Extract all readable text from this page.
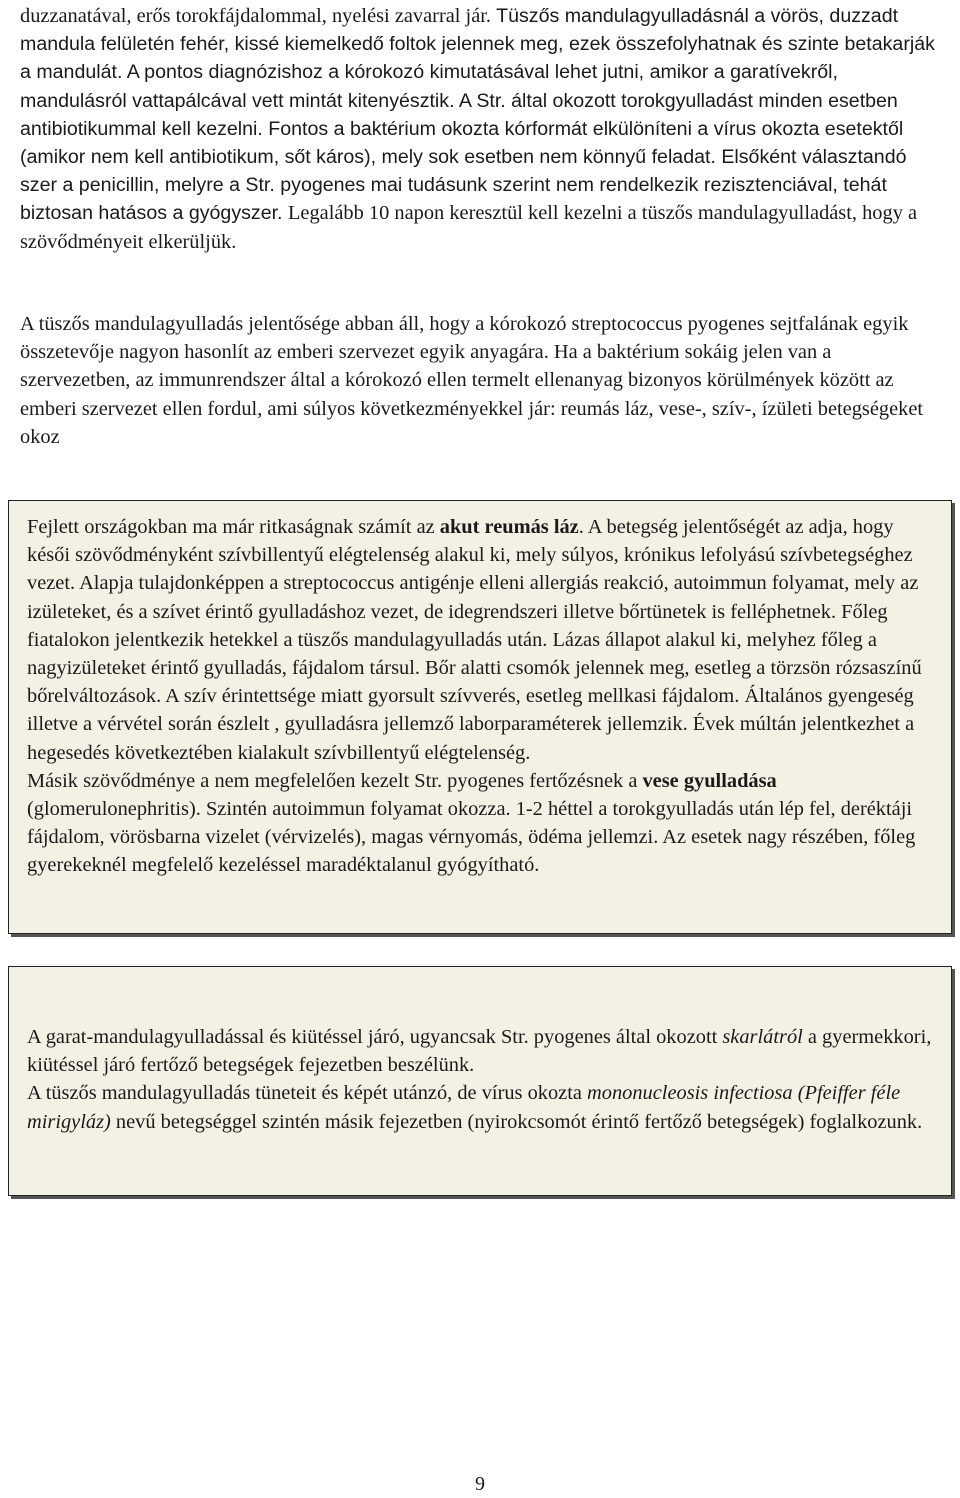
duzzanatával, erős torokfájdalommal, nyelési zavarral jár. Tüszős mandulagyulladásnál a vörös, duzzadt mandula felületén fehér, kissé kiemelkedő foltok jelennek meg, ezek összefolyhatnak és szinte betakarják a mandulát. A pontos diagnózishoz a kórokozó kimutatásával lehet jutni, amikor a garatívekről, mandulásról vattapálcával vett mintát kitenyésztik. A Str. által okozott torokgyulladást minden esetben antibiotikummal kell kezelni. Fontos a baktérium okozta kórformát elkülöníteni a vírus okozta esetektől (amikor nem kell antibiotikum, sőt káros), mely sok esetben nem könnyű feladat. Elsőként választandó szer a penicillin, melyre a Str. pyogenes mai tudásunk szerint nem rendelkezik rezisztenciával, tehát biztosan hatásos a gyógyszer. Legalább 10 napon keresztül kell kezelni a tüszős mandulagyulladást, hogy a szövődményeit elkerüljük.

A tüszős mandulagyulladás jelentősége abban áll, hogy a kórokozó streptococcus pyogenes sejtfalának egyik összetevője nagyon hasonlít az emberi szervezet egyik anyagára. Ha a baktérium sokáig jelen van a szervezetben, az immunrendszer által a kórokozó ellen termelt ellenanyag bizonyos körülmények között az emberi szervezet ellen fordul, ami súlyos következményekkel jár: reumás láz, vese-, szív-, ízületi betegségeket okoz

Fejlett országokban ma már ritkaságnak számít az akut reumás láz. A betegség jelentőségét az adja, hogy késői szövődményként szívbillentyű elégtelenség alakul ki, mely súlyos, krónikus lefolyású szívbetegséghez vezet. Alapja tulajdonképpen a streptococcus antigénje elleni allergiás reakció, autoimmun folyamat, mely az izületeket, és a szívet érintő gyulladáshoz vezet, de idegrendszeri illetve bőrtünetek is felléphetnek. Főleg fiatalokon jelentkezik hetekkel a tüszős mandulagyulladás után. Lázas állapot alakul ki, melyhez főleg a nagyizületeket érintő gyulladás, fájdalom társul. Bőr alatti csomók jelennek meg, esetleg a törzsön rózsaszínű bőrelváltozások. A szív érintettsége miatt gyorsult szívverés, esetleg mellkasi fájdalom. Általános gyengeség illetve a vérvétel során észlelt , gyulladásra jellemző laborparaméterek jellemzik. Évek múltán jelentkezhet a hegesedés következtében kialakult szívbillentyű elégtelenség.

Másik szövődménye a nem megfelelően kezelt Str. pyogenes fertőzésnek a vese gyulladása (glomerulonephritis). Szintén autoimmun folyamat okozza. 1-2 héttel a torokgyulladás után lép fel, deréktáji fájdalom, vörösbarna vizelet (vérvizelés), magas vérnyomás, ödéma jellemzi. Az esetek nagy részében, főleg gyerekeknél megfelelő kezeléssel maradéktalanul gyógyítható.

A garat-mandulagyulladással és kiütéssel járó, ugyancsak Str. pyogenes által okozott skarlátról a gyermekkori, kiütéssel járó fertőző betegségek fejezetben beszélünk.

A tüszős mandulagyulladás tüneteit és képét utánzó, de vírus okozta mononucleosis infectiosa (Pfeiffer féle mirigyláz) nevű betegséggel szintén másik fejezetben (nyirokcsomót érintő fertőző betegségek) foglalkozunk.

9
